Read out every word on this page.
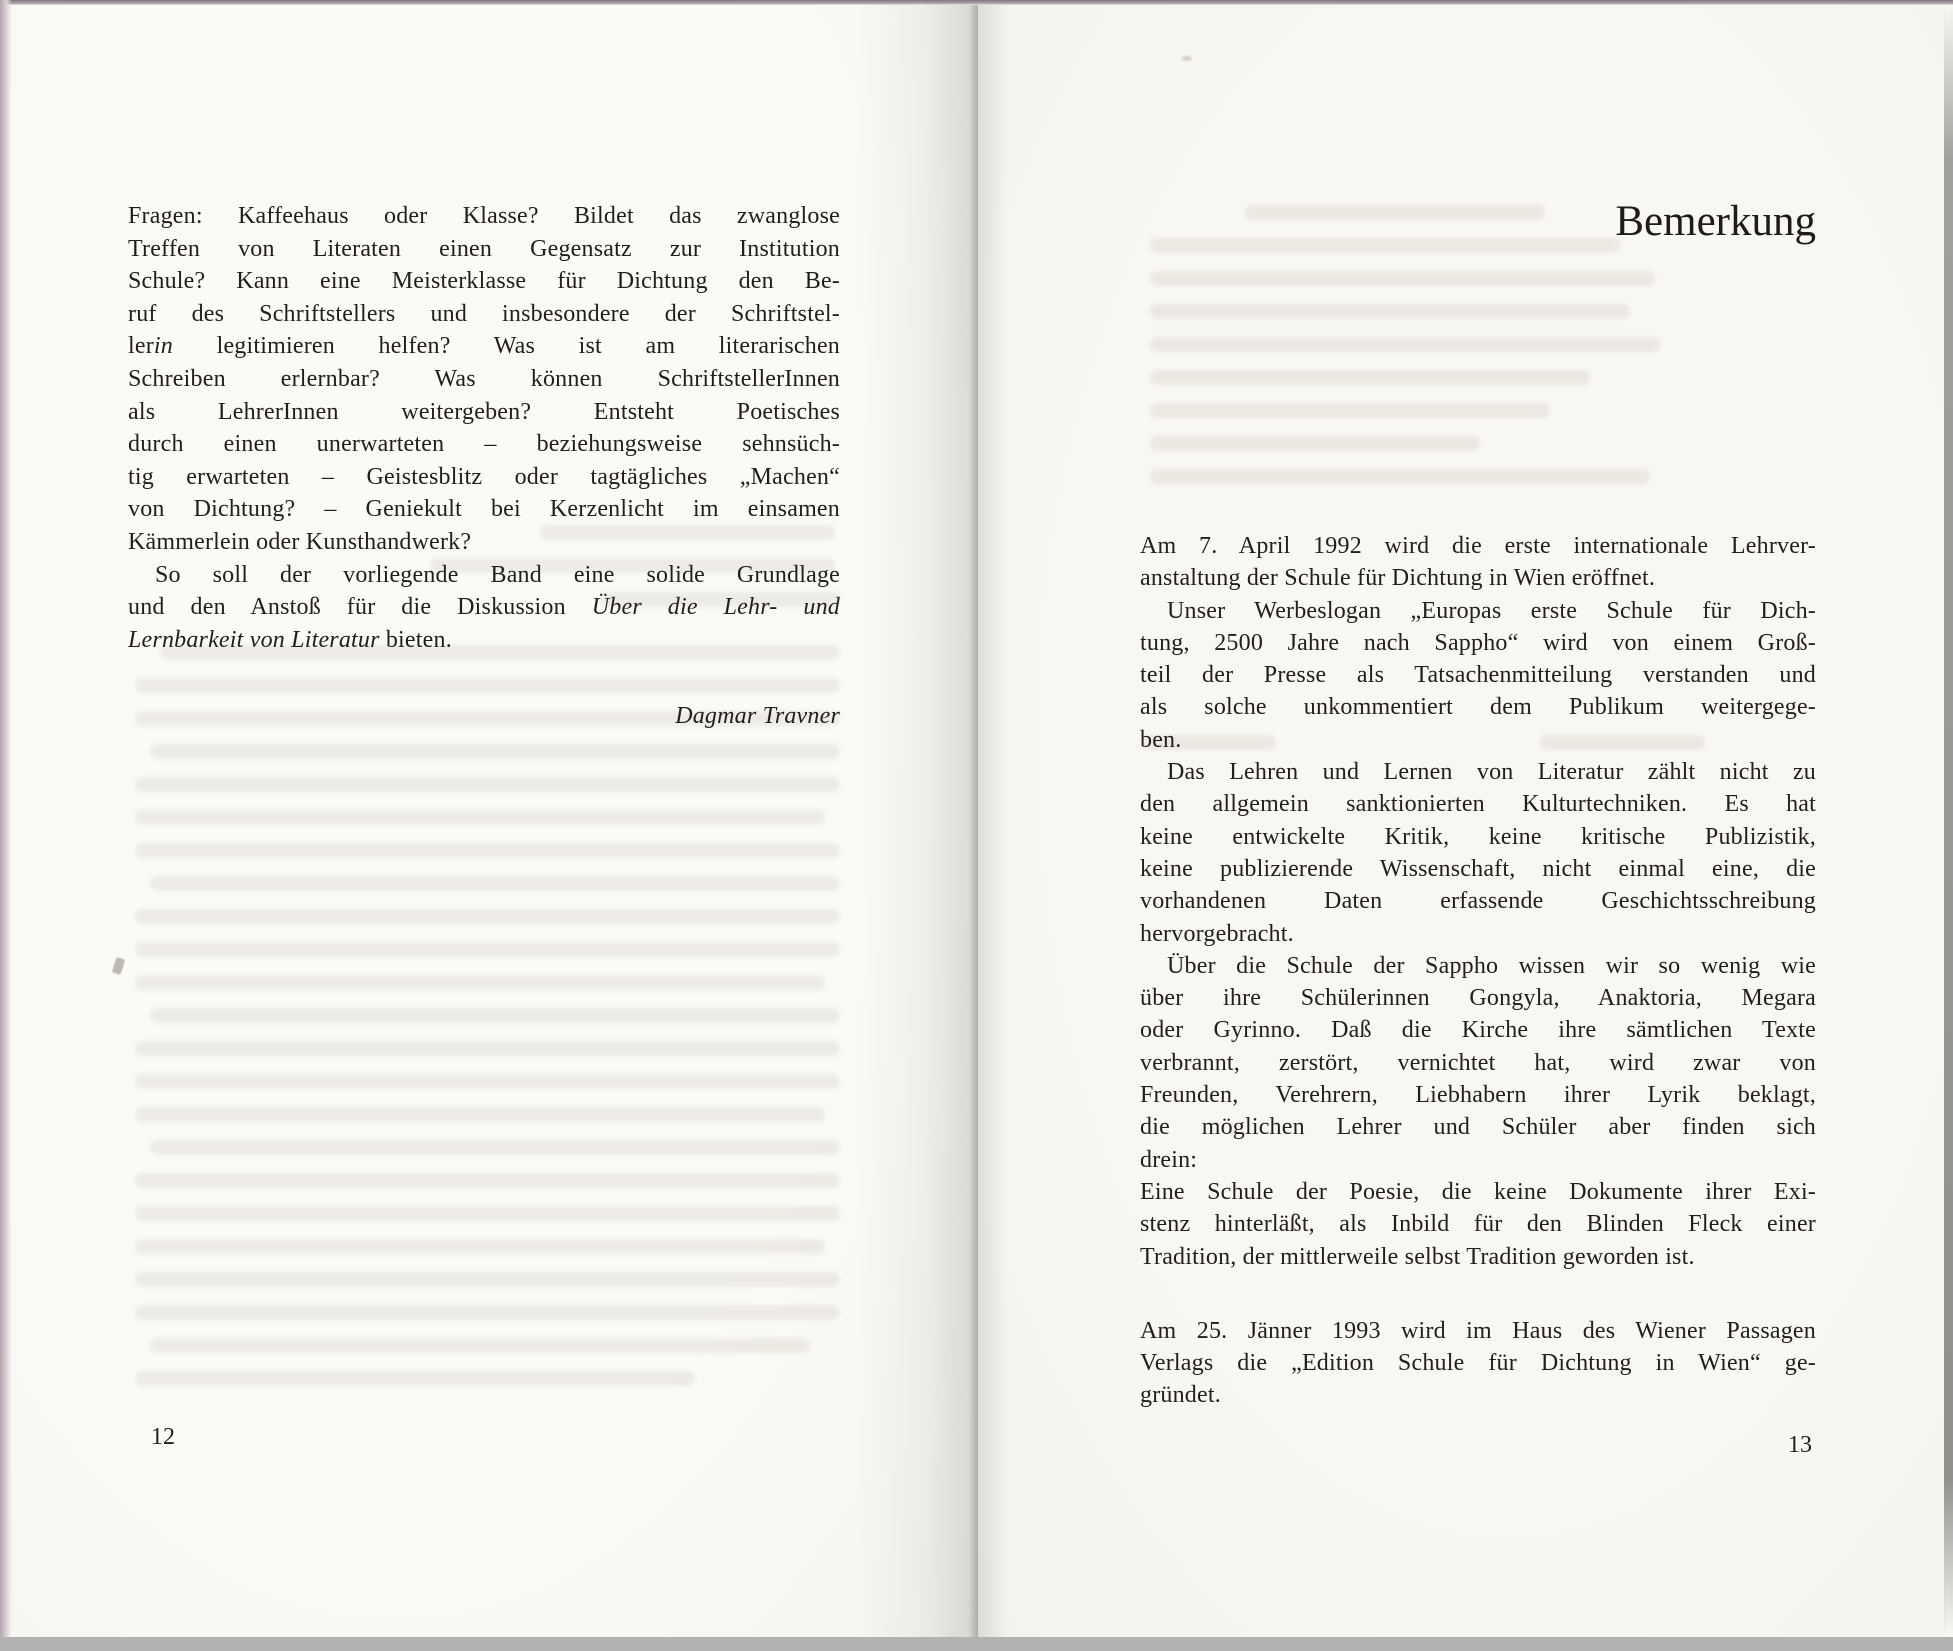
Fragen: Kaffeehaus oder Klasse? Bildet das zwanglose
Treffen von Literaten einen Gegensatz zur Institution
Schule? Kann eine Meisterklasse für Dichtung den Be-
ruf des Schriftstellers und insbesondere der Schriftstel-
lerin legitimieren helfen? Was ist am literarischen
Schreiben erlernbar? Was können SchriftstellerInnen
als LehrerInnen weitergeben? Entsteht Poetisches
durch einen unerwarteten – beziehungsweise sehnsüch-
tig erwarteten – Geistesblitz oder tagtägliches „Machen“
von Dichtung? – Geniekult bei Kerzenlicht im einsamen
Kämmerlein oder Kunsthandwerk?
So soll der vorliegende Band eine solide Grundlage
und den Anstoß für die Diskussion Über die Lehr- und
Lernbarkeit von Literatur bieten.
Dagmar Travner
12
Bemerkung
Am 7. April 1992 wird die erste internationale Lehrver-
anstaltung der Schule für Dichtung in Wien eröffnet.
Unser Werbeslogan „Europas erste Schule für Dich-
tung, 2500 Jahre nach Sappho“ wird von einem Groß-
teil der Presse als Tatsachenmitteilung verstanden und
als solche unkommentiert dem Publikum weitergege-
ben.
Das Lehren und Lernen von Literatur zählt nicht zu
den allgemein sanktionierten Kulturtechniken. Es hat
keine entwickelte Kritik, keine kritische Publizistik,
keine publizierende Wissenschaft, nicht einmal eine, die
vorhandenen Daten erfassende Geschichtsschreibung
hervorgebracht.
Über die Schule der Sappho wissen wir so wenig wie
über ihre Schülerinnen Gongyla, Anaktoria, Megara
oder Gyrinno. Daß die Kirche ihre sämtlichen Texte
verbrannt, zerstört, vernichtet hat, wird zwar von
Freunden, Verehrern, Liebhabern ihrer Lyrik beklagt,
die möglichen Lehrer und Schüler aber finden sich
drein:
Eine Schule der Poesie, die keine Dokumente ihrer Exi-
stenz hinterläßt, als Inbild für den Blinden Fleck einer
Tradition, der mittlerweile selbst Tradition geworden ist.
Am 25. Jänner 1993 wird im Haus des Wiener Passagen
Verlags die „Edition Schule für Dichtung in Wien“ ge-
gründet.
13
